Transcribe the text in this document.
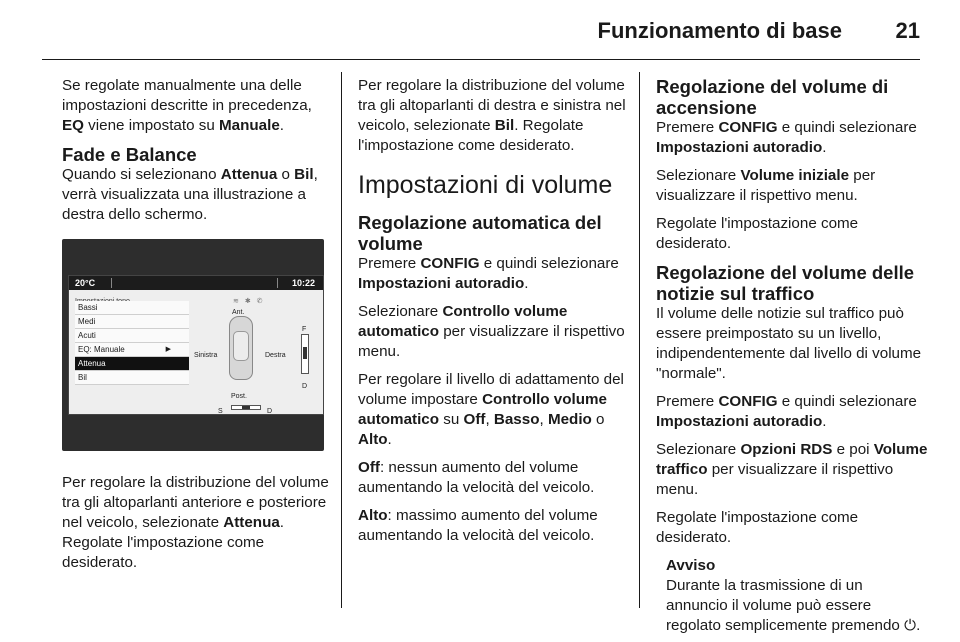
Funzionamento di base 21

Se regolate manualmente una delle impostazioni descritte in precedenza, EQ viene impostato su Manuale.

Fade e Balance

Quando si selezionano Attenua o Bil, verrà visualizzata una illustrazione a destra dello schermo.

20°C	10:22
≋ ✱ ✆
Bassi
Medi
Acuti
EQ: Manuale	▶
Attenua
Bil
Ant.
Post.
Sinistra	Destra
F
D
S	D

Per regolare la distribuzione del volume tra gli altoparlanti anteriore e posteriore nel veicolo, selezionate Attenua. Regolate l'impostazione come desiderato.

Per regolare la distribuzione del volume tra gli altoparlanti di destra e sinistra nel veicolo, selezionate Bil. Regolate l'impostazione come desiderato.

Impostazioni di volume
Regolazione automatica del volume

Premere CONFIG e quindi selezionare Impostazioni autoradio.

Selezionare Controllo volume automatico per visualizzare il rispettivo menu.

Per regolare il livello di adattamento del volume impostare Controllo volume automatico su Off, Basso, Medio o Alto.

Off: nessun aumento del volume aumentando la velocità del veicolo.

Alto: massimo aumento del volume aumentando la velocità del veicolo.

Regolazione del volume di accensione

Premere CONFIG e quindi selezionare Impostazioni autoradio.

Selezionare Volume iniziale per visualizzare il rispettivo menu.

Regolate l'impostazione come desiderato.

Regolazione del volume delle notizie sul traffico

Il volume delle notizie sul traffico può essere preimpostato su un livello, indipendentemente dal livello di volume "normale".

Premere CONFIG e quindi selezionare Impostazioni autoradio.

Selezionare Opzioni RDS e poi Volume traffico per visualizzare il rispettivo menu.

Regolate l'impostazione come desiderato.

Avviso
Durante la trasmissione di un annuncio il volume può essere regolato semplicemente premendo ⏻.
